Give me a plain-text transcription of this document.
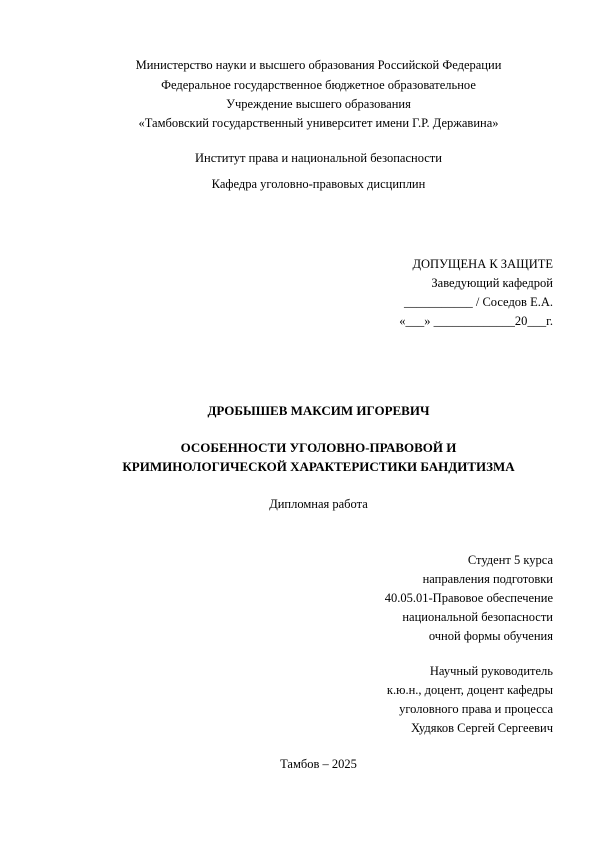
Министерство науки и высшего образования Российской Федерации
Федеральное государственное бюджетное образовательное
Учреждение высшего образования
«Тамбовский государственный университет имени Г.Р. Державина»
Институт права и национальной безопасности
Кафедра уголовно-правовых дисциплин
ДОПУЩЕНА К ЗАЩИТЕ
Заведующий кафедрой
___________ / Соседов Е.А.
«___» _____________20___г.
ДРОБЫШЕВ МАКСИМ ИГОРЕВИЧ
ОСОБЕННОСТИ УГОЛОВНО-ПРАВОВОЙ И
КРИМИНОЛОГИЧЕСКОЙ ХАРАКТЕРИСТИКИ БАНДИТИЗМА
Дипломная работа
Студент 5 курса
направления подготовки
40.05.01-Правовое обеспечение
национальной безопасности
очной формы обучения
Научный руководитель
к.ю.н., доцент, доцент кафедры
уголовного права и процесса
Худяков Сергей Сергеевич
Тамбов – 2025
